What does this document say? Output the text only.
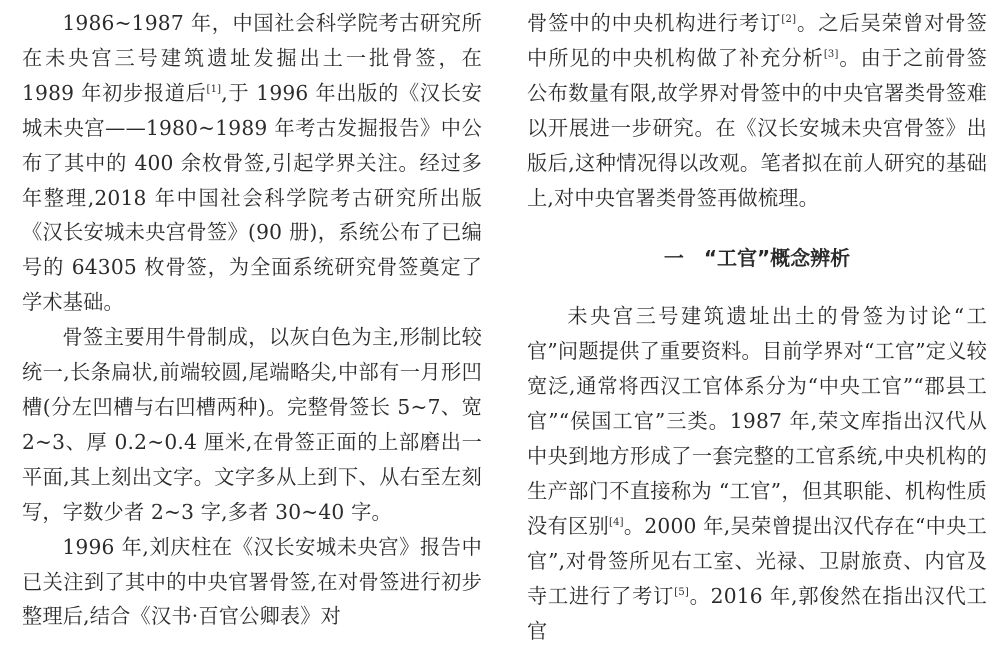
1986~1987 年，中国社会科学院考古研究所在未央宫三号建筑遗址发掘出土一批骨签，在 1989 年初步报道后[1],于 1996 年出版的《汉长安城未央宫——1980~1989 年考古发掘报告》中公布了其中的 400 余枚骨签,引起学界关注。经过多年整理,2018 年中国社会科学院考古研究所出版《汉长安城未央宫骨签》(90 册)，系统公布了已编号的 64305 枚骨签，为全面系统研究骨签奠定了学术基础。

骨签主要用牛骨制成，以灰白色为主,形制比较统一,长条扁状,前端较圆,尾端略尖,中部有一月形凹槽(分左凹槽与右凹槽两种)。完整骨签长 5~7、宽 2~3、厚 0.2~0.4 厘米,在骨签正面的上部磨出一平面,其上刻出文字。文字多从上到下、从右至左刻写，字数少者 2~3 字,多者 30~40 字。

1996 年,刘庆柱在《汉长安城未央宫》报告中已关注到了其中的中央官署骨签,在对骨签进行初步整理后,结合《汉书·百官公卿表》对

骨签中的中央机构进行考订[2]。之后吴荣曾对骨签中所见的中央机构做了补充分析[3]。由于之前骨签公布数量有限,故学界对骨签中的中央官署类骨签难以开展进一步研究。在《汉长安城未央宫骨签》出版后,这种情况得以改观。笔者拟在前人研究的基础上,对中央官署类骨签再做梳理。

一　“工官”概念辨析

未央宫三号建筑遗址出土的骨签为讨论“工官”问题提供了重要资料。目前学界对“工官”定义较宽泛,通常将西汉工官体系分为“中央工官”“郡县工官”“侯国工官”三类。1987 年,荣文库指出汉代从中央到地方形成了一套完整的工官系统,中央机构的生产部门不直接称为 “工官”，但其职能、机构性质没有区别[4]。2000 年,吴荣曾提出汉代存在“中央工官”,对骨签所见右工室、光禄、卫尉旅贲、内官及寺工进行了考订[5]。2016 年,郭俊然在指出汉代工官
